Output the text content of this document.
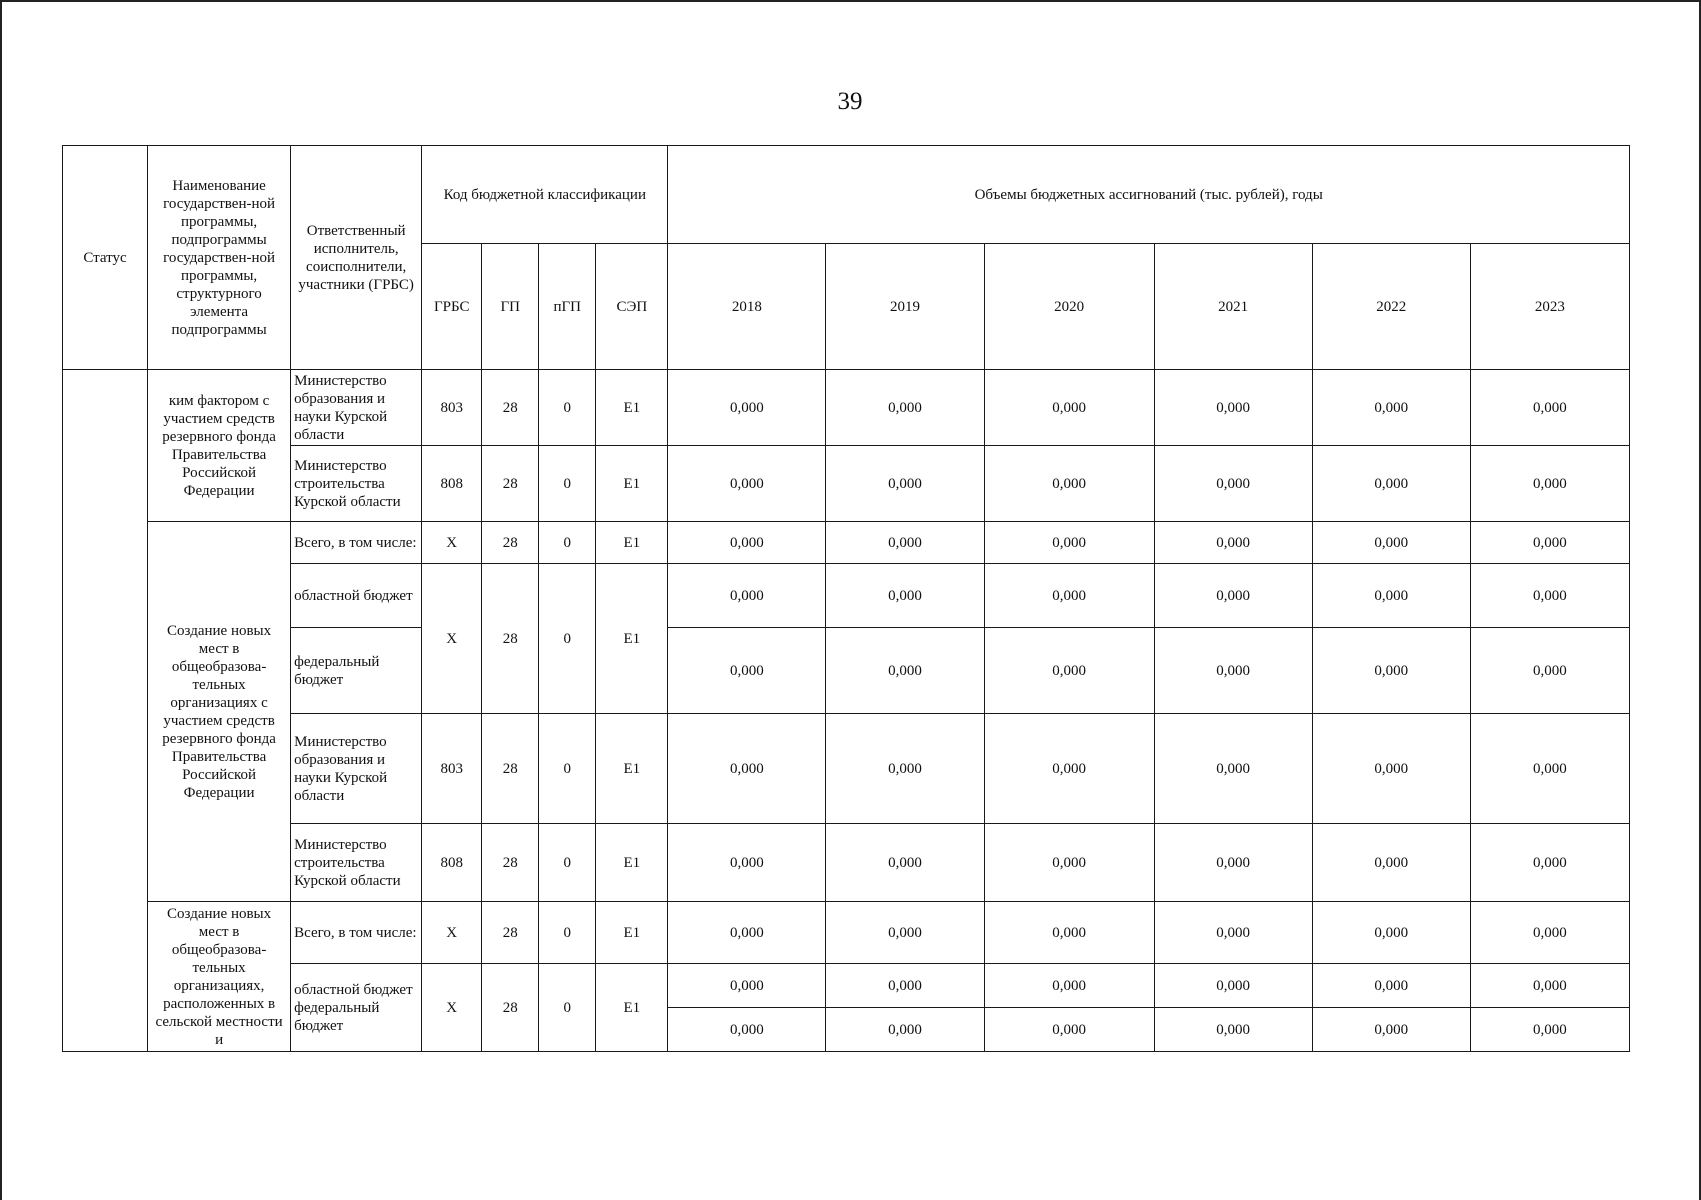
39
Статус	Наименование государствен-ной программы, подпрограммы государствен-ной программы, структурного элемента подпрограммы	Ответственный исполнитель, соисполнители, участники (ГРБС)	Код бюджетной классификации				Объемы бюджетных ассигнований (тыс. рублей), годы					
			ГРБС	ГП	пГП	СЭП	2018	2019	2020	2021	2022	2023
	ким фактором с участием средств резервного фонда Правительства Российской Федерации	Министерство образования и науки Курской области	803	28	0	E1	0,000	0,000	0,000	0,000	0,000	0,000
		Министерство строительства Курской области	808	28	0	E1	0,000	0,000	0,000	0,000	0,000	0,000
	Создание новых мест в общеобразова-тельных организациях с участием средств резервного фонда Правительства Российской Федерации	Всего, в том числе:	X	28	0	E1	0,000	0,000	0,000	0,000	0,000	0,000
		областной бюджет	X	28	0	E1	0,000	0,000	0,000	0,000	0,000	0,000
		федеральный бюджет					0,000	0,000	0,000	0,000	0,000	0,000
		Министерство образования и науки Курской области	803	28	0	E1	0,000	0,000	0,000	0,000	0,000	0,000
		Министерство строительства Курской области	808	28	0	E1	0,000	0,000	0,000	0,000	0,000	0,000
	Создание новых мест в общеобразова-тельных организациях, расположенных в сельской местности и	Всего, в том числе:	X	28	0	E1	0,000	0,000	0,000	0,000	0,000	0,000
		областной бюджет федеральный бюджет	X	28	0	E1	0,000	0,000	0,000	0,000	0,000	0,000
							0,000	0,000	0,000	0,000	0,000	0,000
